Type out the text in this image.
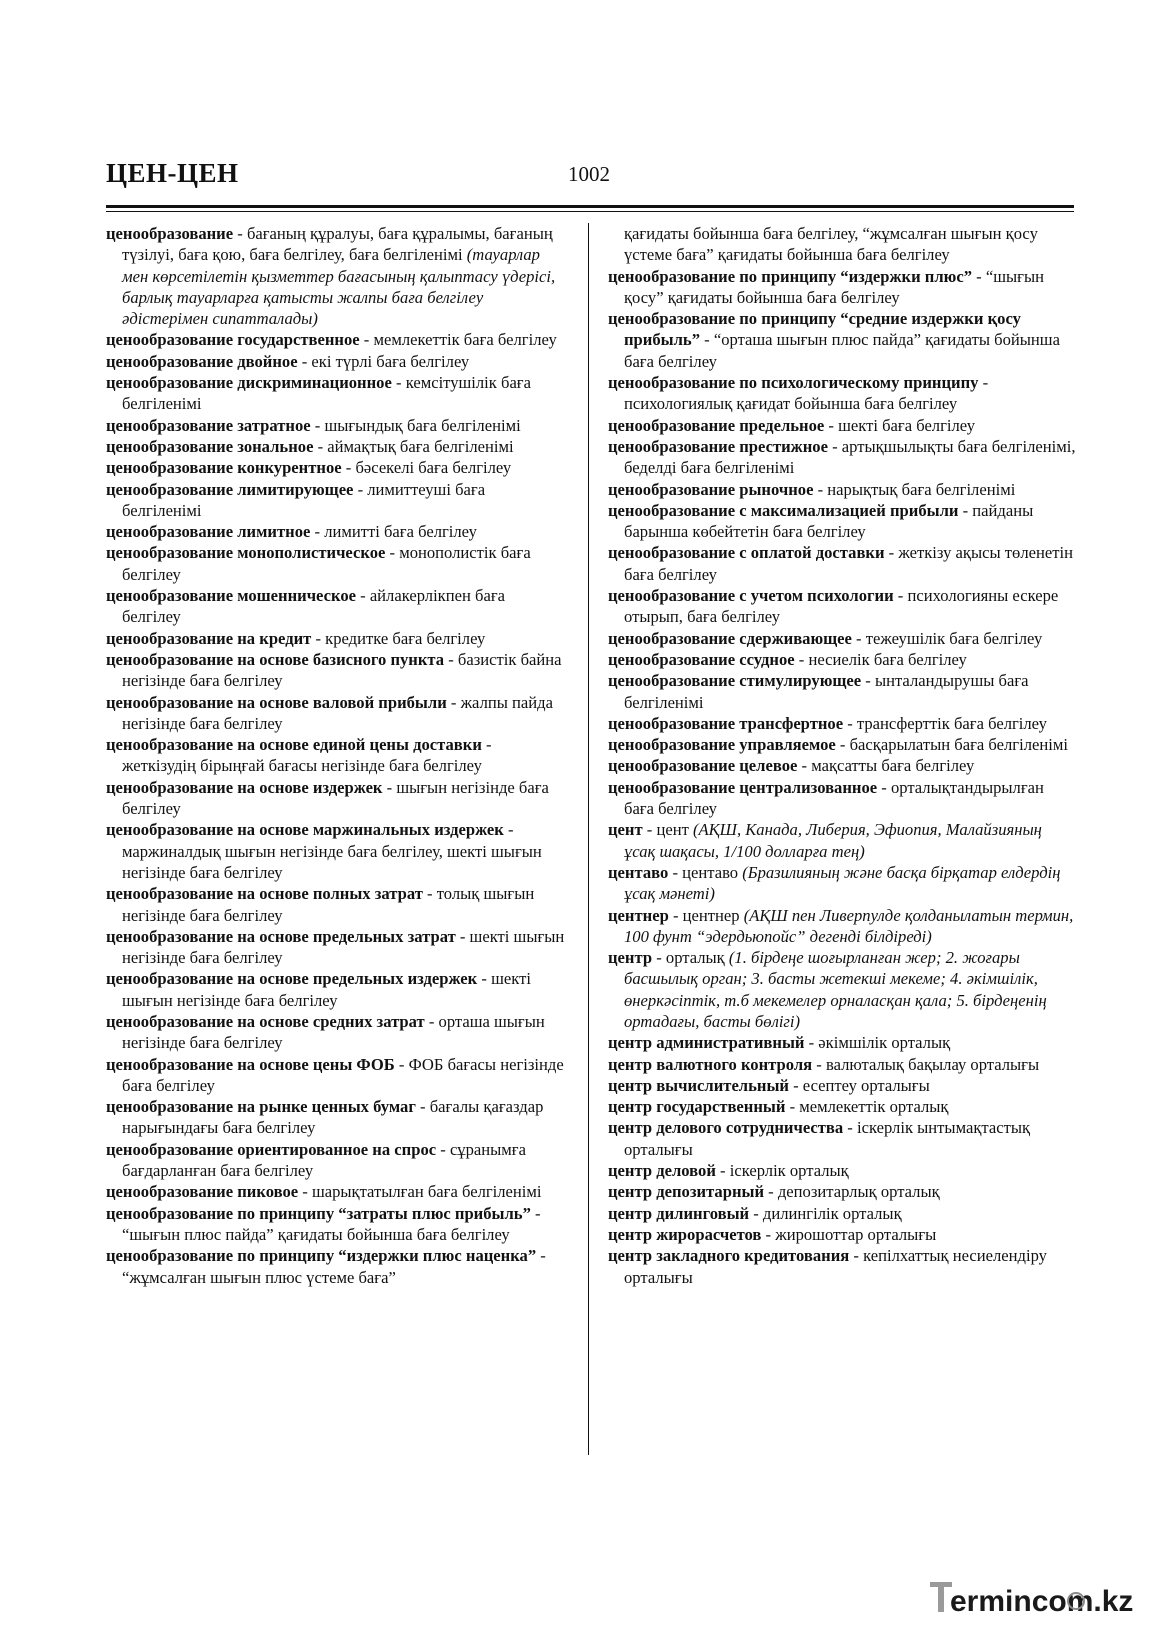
ЦЕН-ЦЕН	1002

ценообразование - бағаның құралуы, баға құралымы, бағаның түзілуі, баға қою, баға белгілеу, баға белгіленімі (тауарлар мен көрсетілетін қызметтер бағасының қалыптасу үдерісі, барлық тауарларға қатысты жалпы баға белгілеу әдістерімен сипатталады)

ценообразование государственное - мемлекеттік баға белгілеу

ценообразование двойное - екі түрлі баға белгілеу

ценообразование дискриминационное - кемсітушілік баға белгіленімі

ценообразование затратное - шығындық баға белгіленімі

ценообразование зональное - аймақтық баға белгіленімі

ценообразование конкурентное - бәсекелі баға белгілеу

ценообразование лимитирующее - лимиттеуші баға белгіленімі

ценообразование лимитное - лимитті баға белгілеу

ценообразование монополистическое - монополистік баға белгілеу

ценообразование мошенническое - айлакерлікпен баға белгілеу

ценообразование на кредит - кредитке баға белгілеу

ценообразование на основе базисного пункта - базистік байна негізінде баға белгілеу

ценообразование на основе валовой прибыли - жалпы пайда негізінде баға белгілеу

ценообразование на основе единой цены доставки - жеткізудің бірыңғай бағасы негізінде баға белгілеу

ценообразование на основе издержек - шығын негізінде баға белгілеу

ценообразование на основе маржинальных издержек - маржиналдық шығын негізінде баға белгілеу, шекті шығын негізінде баға белгілеу

ценообразование на основе полных затрат - толық шығын негізінде баға белгілеу

ценообразование на основе предельных затрат - шекті шығын негізінде баға белгілеу

ценообразование на основе предельных издержек - шекті шығын негізінде баға белгілеу

ценообразование на основе средних затрат - орташа шығын негізінде баға белгілеу

ценообразование на основе цены ФОБ - ФОБ бағасы негізінде баға белгілеу

ценообразование на рынке ценных бумаг - бағалы қағаздар нарығындағы баға белгілеу

ценообразование ориентированное на спрос - сұранымға бағдарланған баға белгілеу

ценообразование пиковое - шарықтатылған баға белгіленімі

ценообразование по принципу “затраты плюс прибыль” - “шығын плюс пайда” қағидаты бойынша баға белгілеу

ценообразование по принципу “издержки плюс наценка” - “жұмсалған шығын плюс үстеме баға”

қағидаты бойынша баға белгілеу, “жұмсалған шығын қосу үстеме баға” қағидаты бойынша баға белгілеу

ценообразование по принципу “издержки плюс” - “шығын қосу” қағидаты бойынша баға белгілеу

ценообразование по принципу “средние издержки қосу прибыль” - “орташа шығын плюс пайда” қағидаты бойынша баға белгілеу

ценообразование по психологическому принципу - психологиялық қағидат бойынша баға белгілеу

ценообразование предельное - шекті баға белгілеу

ценообразование престижное - артықшылықты баға белгіленімі, беделді баға белгіленімі

ценообразование рыночное - нарықтық баға белгіленімі

ценообразование с максимализацией прибыли - пайданы барынша көбейтетін баға белгілеу

ценообразование с оплатой доставки - жеткізу ақысы төленетін баға белгілеу

ценообразование с учетом психологии - психологияны ескере отырып, баға белгілеу

ценообразование сдерживающее - тежеушілік баға белгілеу

ценообразование ссудное - несиелік баға белгілеу

ценообразование стимулирующее - ынталандырушы баға белгіленімі

ценообразование трансфертное - трансферттік баға белгілеу

ценообразование управляемое - басқарылатын баға белгіленімі

ценообразование целевое - мақсатты баға белгілеу

ценообразование централизованное - орталықтандырылған баға белгілеу

цент - цент (АҚШ, Канада, Либерия, Эфиопия, Малайзияның ұсақ шақасы, 1/100 долларға тең)

центаво - центаво (Бразилияның және басқа бірқатар елдердің ұсақ мәнеті)

центнер - центнер (АҚШ пен Ливерпулде қолданылатын термин, 100 фунт “эдердьюпойс” дегенді білдіреді)

центр - орталық (1. бірдеңе шоғырланған жер; 2. жоғары басшылық орган; 3. басты жетекші мекеме; 4. әкімшілік, өнеркәсіптік, т.б мекемелер орналасқан қала; 5. бірдеңенің ортадағы, басты бөлігі)

центр административный - әкімшілік орталық

центр валютного контроля - валюталық бақылау орталығы

центр вычислительный - есептеу орталығы

центр государственный - мемлекеттік орталық

центр делового сотрудничества - іскерлік ынтымақтастық орталығы

центр деловой - іскерлік орталық

центр депозитарный - депозитарлық орталық

центр дилинговый - дилингілік орталық

центр жирорасчетов - жирошоттар орталығы

центр закладного кредитования - кепілхаттық несиелендіру орталығы

ermincom.kz
